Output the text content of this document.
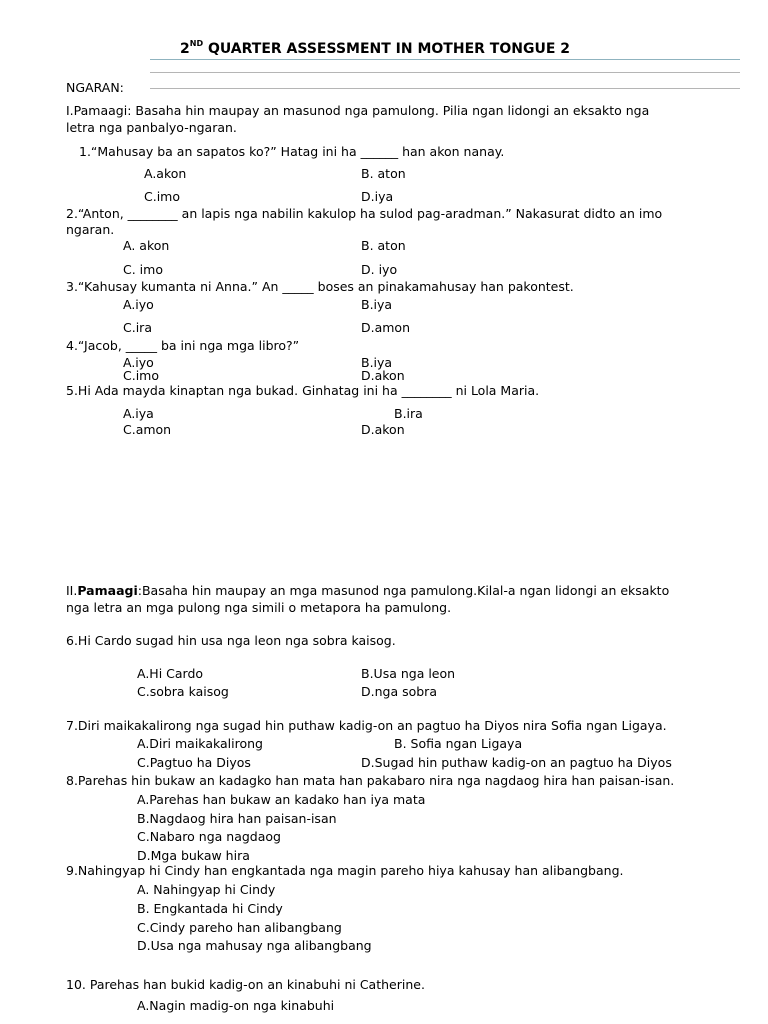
2ND QUARTER ASSESSMENT IN MOTHER TONGUE 2
NGARAN:
I.Pamaagi: Basaha hin maupay an masunod nga pamulong. Pilia ngan lidongi an eksakto nga
letra nga panbalyo-ngaran.
1.“Mahusay ba an sapatos ko?” Hatag ini ha ______ han akon nanay.
A.akon	B. aton
C.imo	D.iya
2.“Anton, ________ an lapis nga nabilin kakulop ha sulod pag-aradman.” Nakasurat didto an imo
ngaran.
A. akon	B. aton
C. imo	D. iyo
3.“Kahusay kumanta ni Anna.” An _____ boses an pinakamahusay han pakontest.
A.iyo	B.iya
C.ira	D.amon
4.“Jacob, _____ ba ini nga mga libro?”
A.iyo	B.iya
C.imo	D.akon
5.Hi Ada mayda kinaptan nga bukad. Ginhatag ini ha ________ ni Lola Maria.
A.iya	B.ira
C.amon	D.akon
II.Pamaagi:Basaha hin maupay an mga masunod nga pamulong.Kilal-a ngan lidongi an eksakto
nga letra an mga pulong nga simili o metapora ha pamulong.
6.Hi Cardo sugad hin usa nga leon nga sobra kaisog.
A.Hi Cardo	B.Usa nga leon
C.sobra kaisog	D.nga sobra
7.Diri maikakalirong nga sugad hin puthaw kadig-on an pagtuo ha Diyos nira Sofia ngan Ligaya.
A.Diri maikakalirong	B. Sofia ngan Ligaya
C.Pagtuo ha Diyos	D.Sugad hin puthaw kadig-on an pagtuo ha Diyos
8.Parehas hin bukaw an kadagko han mata han pakabaro nira nga nagdaog hira han paisan-isan.
A.Parehas han bukaw an kadako han iya mata
B.Nagdaog hira han paisan-isan
C.Nabaro nga nagdaog
D.Mga bukaw hira
9.Nahingyap hi Cindy han engkantada nga magin pareho hiya kahusay han alibangbang.
A. Nahingyap hi Cindy
B. Engkantada hi Cindy
C.Cindy pareho han alibangbang
D.Usa nga mahusay nga alibangbang
10. Parehas han bukid kadig-on an kinabuhi ni Catherine.
A.Nagin madig-on nga kinabuhi
